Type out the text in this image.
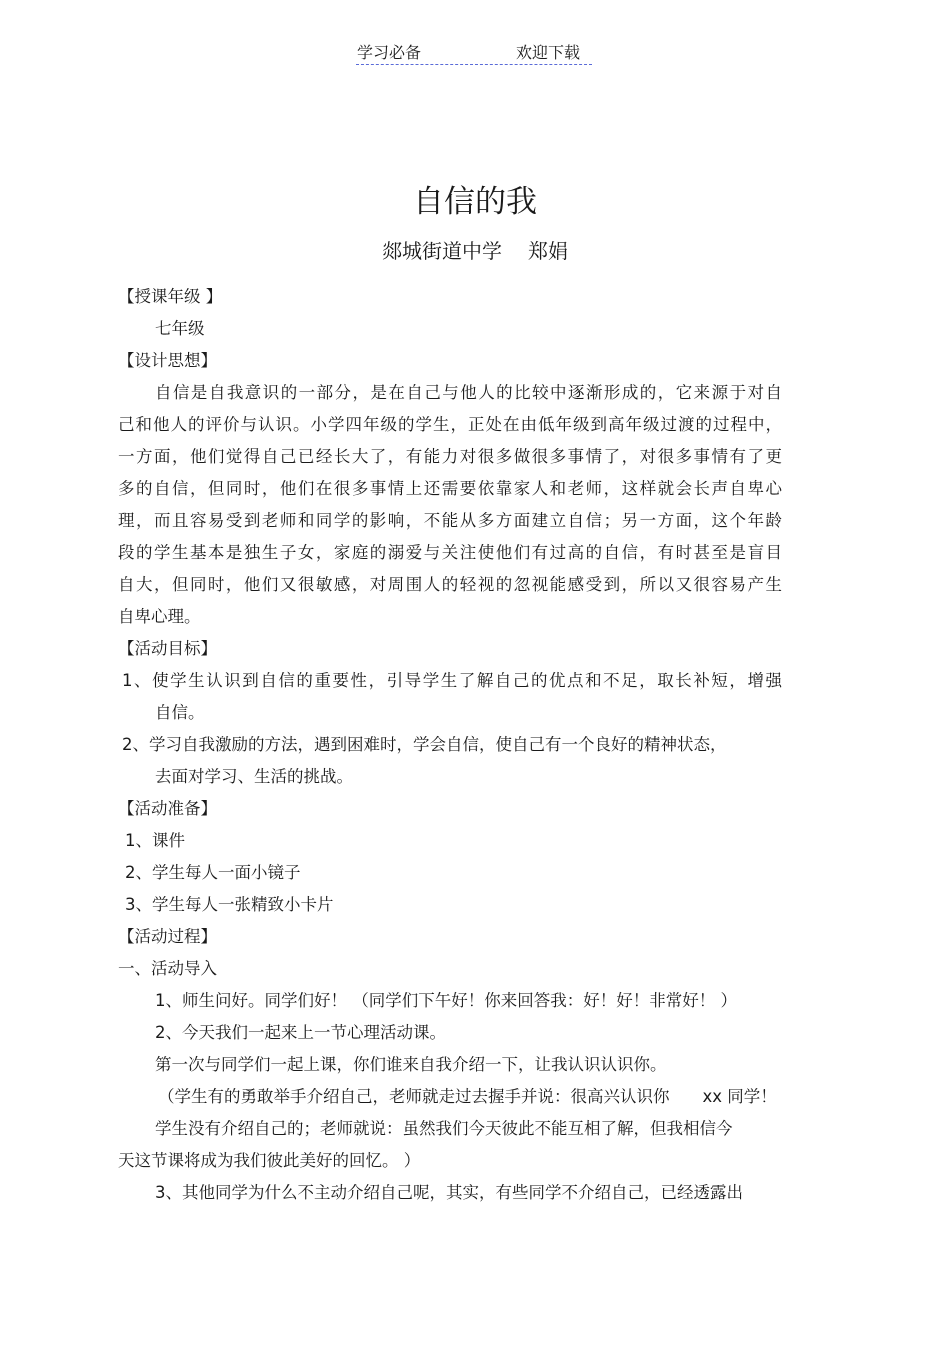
学习必备	欢迎下载
自信的我
郯城街道中学 郑娟
【授课年级 】
七年级
【设计思想】
自信是自我意识的一部分，是在自己与他人的比较中逐渐形成的，它来源于对自
己和他人的评价与认识。小学四年级的学生，正处在由低年级到高年级过渡的过程中，
一方面，他们觉得自己已经长大了，有能力对很多做很多事情了，对很多事情有了更
多的自信，但同时，他们在很多事情上还需要依靠家人和老师，这样就会长声自卑心
理，而且容易受到老师和同学的影响，不能从多方面建立自信；另一方面，这个年龄
段的学生基本是独生子女，家庭的溺爱与关注使他们有过高的自信，有时甚至是盲目
自大，但同时，他们又很敏感，对周围人的轻视的忽视能感受到，所以又很容易产生
自卑心理。
【活动目标】
1、使学生认识到自信的重要性，引导学生了解自己的优点和不足，取长补短，增强
自信。
2、学习自我激励的方法，遇到困难时，学会自信，使自己有一个良好的精神状态，
去面对学习、生活的挑战。
【活动准备】
1、课件
2、学生每人一面小镜子
3、学生每人一张精致小卡片
【活动过程】
一、活动导入
1、师生问好。同学们好！ （同学们下午好！你来回答我：好！好！非常好！ ）
2、今天我们一起来上一节心理活动课。
第一次与同学们一起上课，你们谁来自我介绍一下，让我认识认识你。
（学生有的勇敢举手介绍自己，老师就走过去握手并说：很高兴认识你　　xx 同学！
学生没有介绍自己的；老师就说：虽然我们今天彼此不能互相了解，但我相信今
天这节课将成为我们彼此美好的回忆。 ）
3、其他同学为什么不主动介绍自己呢，其实，有些同学不介绍自己，已经透露出
